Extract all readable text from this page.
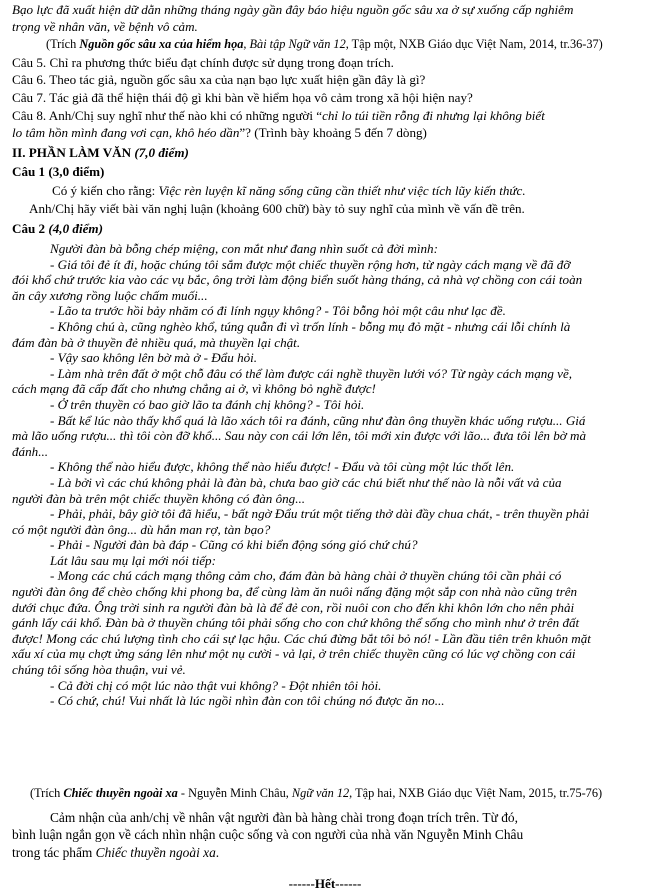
Bạo lực đã xuất hiện dữ dằn những tháng ngày gần đây báo hiệu nguồn gốc sâu xa ở sự xuống cấp nghiêm
trọng về nhân văn, về bệnh vô cảm.
(Trích Nguồn gốc sâu xa của hiểm họa, Bài tập Ngữ văn 12, Tập một, NXB Giáo dục Việt Nam, 2014, tr.36-37)
Câu 5. Chỉ ra phương thức biểu đạt chính được sử dụng trong đoạn trích.
Câu 6. Theo tác giả, nguồn gốc sâu xa của nạn bạo lực xuất hiện gần đây là gì?
Câu 7. Tác giả đã thể hiện thái độ gì khi bàn về hiểm họa vô cảm trong xã hội hiện nay?
Câu 8. Anh/Chị suy nghĩ như thế nào khi có những người “chỉ lo túi tiền rỗng đi nhưng lại không biết
lo tâm hồn mình đang vơi cạn, khô héo dần”? (Trình bày khoảng 5 đến 7 dòng)
II. PHẦN LÀM VĂN (7,0 điểm)
Câu 1 (3,0 điểm)
Có ý kiến cho rằng: Việc rèn luyện kĩ năng sống cũng cần thiết như việc tích lũy kiến thức.
Anh/Chị hãy viết bài văn nghị luận (khoảng 600 chữ) bày tỏ suy nghĩ của mình về vấn đề trên.
Câu 2 (4,0 điểm)
Người đàn bà bỗng chép miệng, con mắt như đang nhìn suốt cả đời mình:
- Giá tôi đẻ ít đi, hoặc chúng tôi sắm được một chiếc thuyền rộng hơn, từ ngày cách mạng về đã đỡ
đói khổ chứ trước kia vào các vụ bắc, ông trời làm động biển suốt hàng tháng, cả nhà vợ chồng con cái toàn
ăn cây xương rồng luộc chấm muối...
- Lão ta trước hồi bảy nhăm có đi lính ngụy không? - Tôi bỗng hỏi một câu như lạc đề.
- Không chú à, cũng nghèo khổ, túng quẫn đi vì trốn lính - bỗng mụ đỏ mặt - nhưng cái lỗi chính là
đám đàn bà ở thuyền đẻ nhiều quá, mà thuyền lại chật.
- Vậy sao không lên bờ mà ở - Đẩu hỏi.
- Làm nhà trên đất ở một chỗ đâu có thể làm được cái nghề thuyền lưới vó? Từ ngày cách mạng về,
cách mạng đã cấp đất cho nhưng chẳng ai ở, vì không bỏ nghề được!
- Ở trên thuyền có bao giờ lão ta đánh chị không? - Tôi hỏi.
- Bất kể lúc nào thấy khổ quá là lão xách tôi ra đánh, cũng như đàn ông thuyền khác uống rượu... Giá
mà lão uống rượu... thì tôi còn đỡ khổ... Sau này con cái lớn lên, tôi mới xin được với lão... đưa tôi lên bờ mà
đánh...
- Không thể nào hiểu được, không thể nào hiểu được! - Đẩu và tôi cùng một lúc thốt lên.
- Là bởi vì các chú không phải là đàn bà, chưa bao giờ các chú biết như thế nào là nỗi vất vả của
người đàn bà trên một chiếc thuyền không có đàn ông...
- Phải, phải, bây giờ tôi đã hiểu, - bất ngờ Đẩu trút một tiếng thở dài đầy chua chát, - trên thuyền phải
có một người đàn ông... dù hắn man rợ, tàn bạo?
- Phải - Người đàn bà đáp - Cũng có khi biển động sóng gió chứ chú?
Lát lâu sau mụ lại mới nói tiếp:
- Mong các chú cách mạng thông cảm cho, đám đàn bà hàng chài ở thuyền chúng tôi cần phải có
người đàn ông để chèo chống khi phong ba, để cùng làm ăn nuôi nấng đặng một sắp con nhà nào cũng trên
dưới chục đứa. Ông trời sinh ra người đàn bà là để đẻ con, rồi nuôi con cho đến khi khôn lớn cho nên phải
gánh lấy cái khổ. Đàn bà ở thuyền chúng tôi phải sống cho con chứ không thể sống cho mình như ở trên đất
được! Mong các chú lượng tình cho cái sự lạc hậu. Các chú đừng bắt tôi bỏ nó! - Lần đầu tiên trên khuôn mặt
xấu xí của mụ chợt ửng sáng lên như một nụ cười - vả lại, ở trên chiếc thuyền cũng có lúc vợ chồng con cái
chúng tôi sống hòa thuận, vui vẻ.
- Cả đời chị có một lúc nào thật vui không? - Đột nhiên tôi hỏi.
- Có chứ, chú! Vui nhất là lúc ngồi nhìn đàn con tôi chúng nó được ăn no...
(Trích Chiếc thuyền ngoài xa - Nguyễn Minh Châu, Ngữ văn 12, Tập hai, NXB Giáo dục Việt Nam, 2015, tr.75-76)
Cảm nhận của anh/chị về nhân vật người đàn bà hàng chài trong đoạn trích trên. Từ đó,
bình luận ngắn gọn về cách nhìn nhận cuộc sống và con người của nhà văn Nguyễn Minh Châu
trong tác phẩm Chiếc thuyền ngoài xa.
------Hết------
